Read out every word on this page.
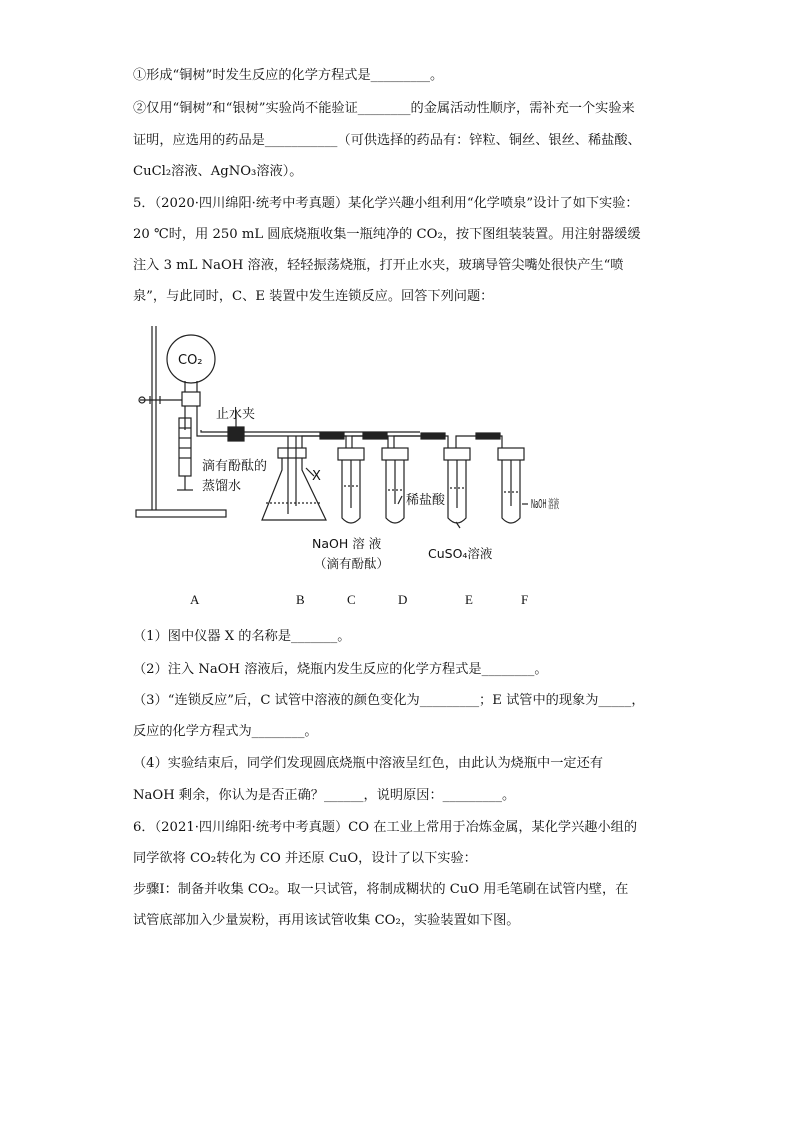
①形成“铜树”时发生反应的化学方程式是_________。
②仅用“铜树”和“银树”实验尚不能验证________的金属活动性顺序，需补充一个实验来
证明，应选用的药品是___________（可供选择的药品有：锌粒、铜丝、银丝、稀盐酸、
CuCl₂溶液、AgNO₃溶液）。
5．（2020·四川绵阳·统考中考真题）某化学兴趣小组利用“化学喷泉”设计了如下实验：
20 ℃时，用 250 mL 圆底烧瓶收集一瓶纯净的 CO₂，按下图组装装置。用注射器缓缓
注入 3 mL NaOH 溶液，轻轻振荡烧瓶，打开止水夹，玻璃导管尖嘴处很快产生“喷
泉”，与此同时，C、E 装置中发生连锁反应。回答下列问题：
CO₂
止水夹
滴有酚酞的
蒸馏水
X
NaOH 溶 液
（滴有酚酞）
稀盐酸
CuSO₄溶液
NaOH 溶液
A	B	C	D	E	F
（1）图中仪器 X 的名称是_______。
（2）注入 NaOH 溶液后，烧瓶内发生反应的化学方程式是________。
（3）“连锁反应”后，C 试管中溶液的颜色变化为_________；E 试管中的现象为_____，
反应的化学方程式为________。
（4）实验结束后，同学们发现圆底烧瓶中溶液呈红色，由此认为烧瓶中一定还有
NaOH 剩余，你认为是否正确？______，说明原因：_________。
6．（2021·四川绵阳·统考中考真题）CO 在工业上常用于冶炼金属，某化学兴趣小组的
同学欲将 CO₂转化为 CO 并还原 CuO，设计了以下实验：
步骤Ⅰ：制备并收集 CO₂。取一只试管，将制成糊状的 CuO 用毛笔刷在试管内壁，在
试管底部加入少量炭粉，再用该试管收集 CO₂，实验装置如下图。
